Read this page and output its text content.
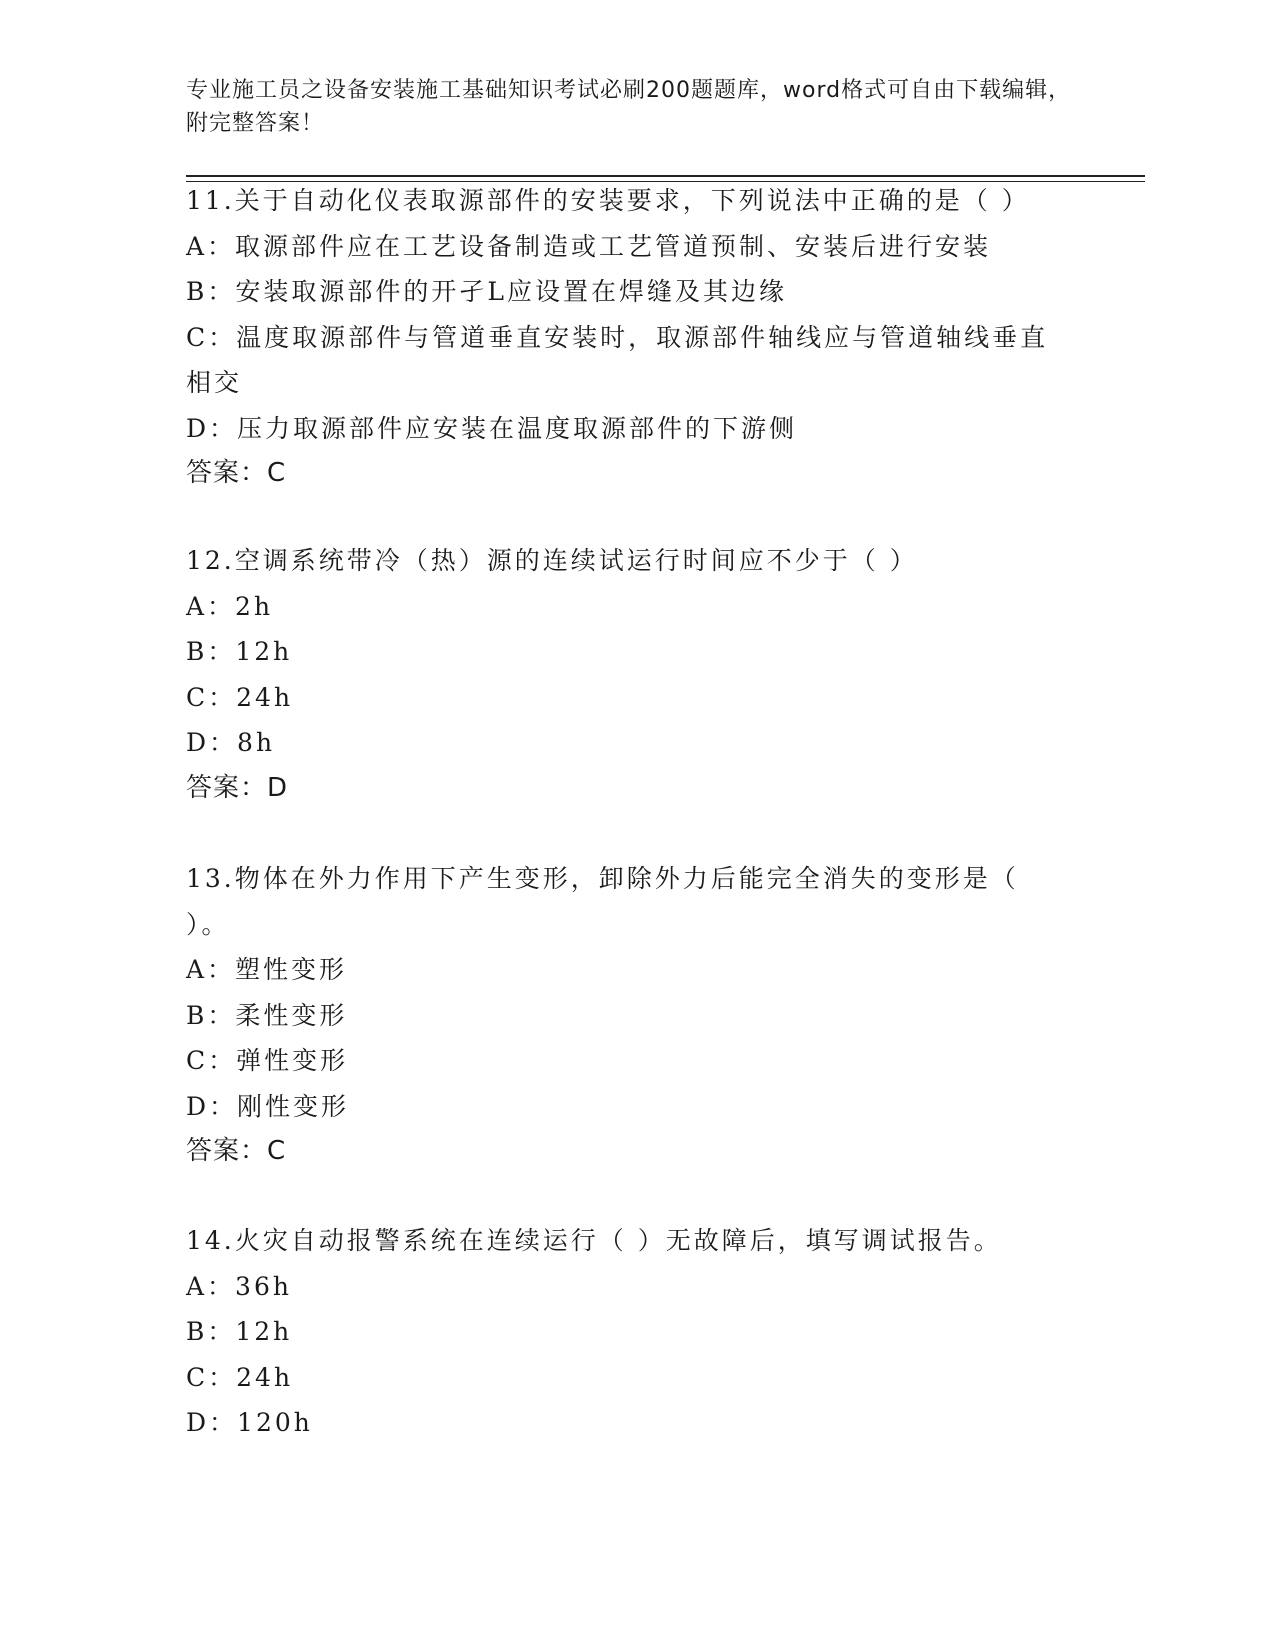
专业施工员之设备安装施工基础知识考试必刷200题题库，word格式可自由下载编辑，附完整答案！
11.关于自动化仪表取源部件的安装要求，下列说法中正确的是（ ）
A：取源部件应在工艺设备制造或工艺管道预制、安装后进行安装
B：安装取源部件的开孑L应设置在焊缝及其边缘
C：温度取源部件与管道垂直安装时，取源部件轴线应与管道轴线垂直相交
D：压力取源部件应安装在温度取源部件的下游侧
答案：C
12.空调系统带冷（热）源的连续试运行时间应不少于（ ）
A：2h
B：12h
C：24h
D：8h
答案：D
13.物体在外力作用下产生变形，卸除外力后能完全消失的变形是（ ）。
A：塑性变形
B：柔性变形
C：弹性变形
D：刚性变形
答案：C
14.火灾自动报警系统在连续运行（ ）无故障后，填写调试报告。
A：36h
B：12h
C：24h
D：120h
